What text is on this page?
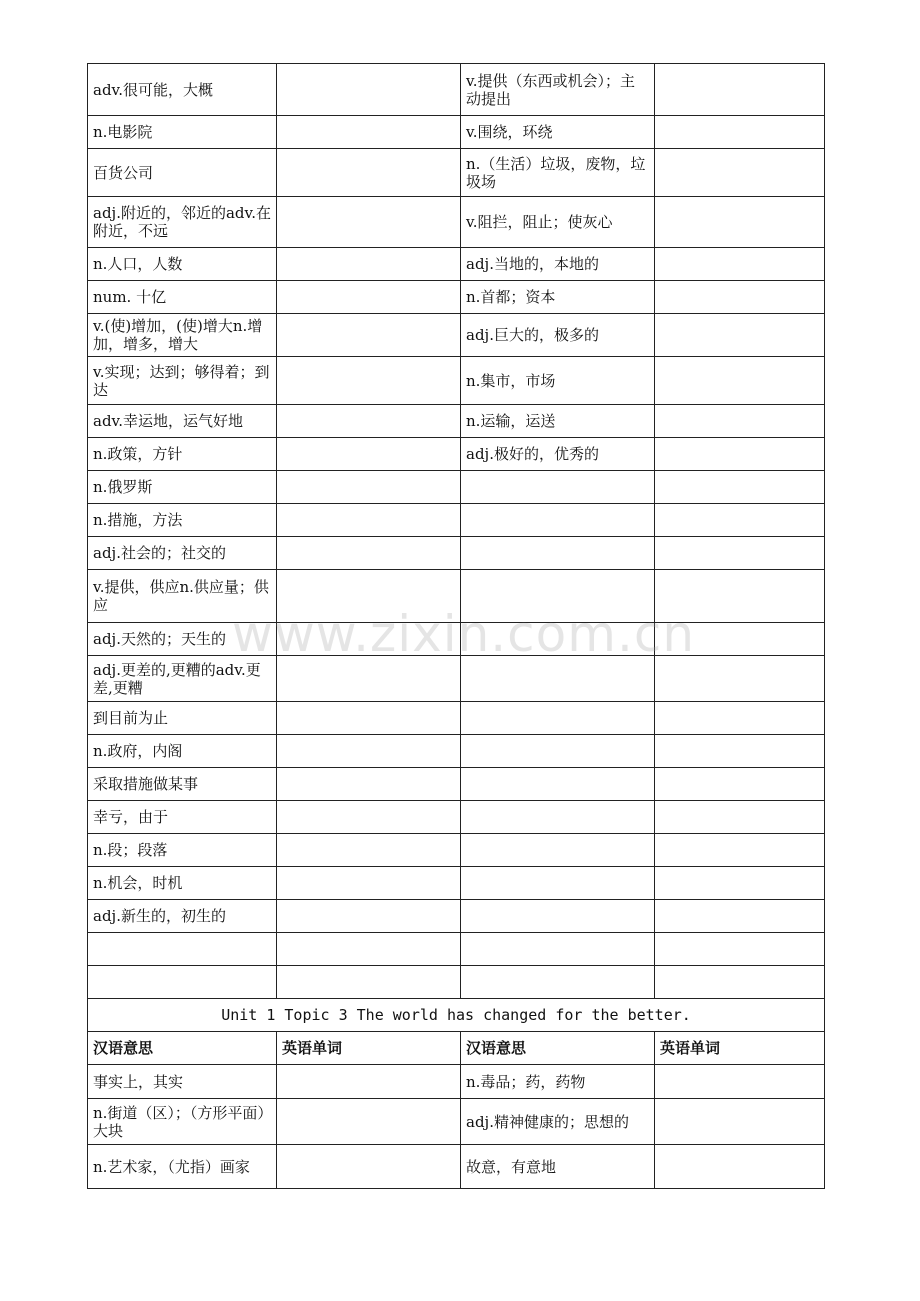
adv.很可能，大概		v.提供（东西或机会）；主动提出	
n.电影院		v.围绕，环绕	
百货公司		n.（生活）垃圾，废物，垃圾场	
adj.附近的，邻近的adv.在附近，不远		v.阻拦，阻止；使灰心	
n.人口，人数		adj.当地的，本地的	
num. 十亿		n.首都；资本	
v.(使)增加，(使)增大n.增加，增多，增大		adj.巨大的，极多的	
v.实现；达到；够得着；到达		n.集市，市场	
adv.幸运地，运气好地		n.运输，运送	
n.政策，方针		adj.极好的，优秀的	
n.俄罗斯			
n.措施，方法			
adj.社会的；社交的			
v.提供，供应n.供应量；供应			
adj.天然的；天生的			
adj.更差的,更糟的adv.更差,更糟			
到目前为止			
n.政府，内阁			
采取措施做某事			
幸亏，由于			
n.段；段落			
n.机会，时机			
adj.新生的，初生的			

Unit 1 Topic 3 The world has changed for the better.			
汉语意思	英语单词	汉语意思	英语单词
事实上，其实		n.毒品；药，药物	
n.街道（区）；（方形平面）大块		adj.精神健康的；思想的	
n.艺术家，（尤指）画家		故意，有意地	
www.zixin.com.cn
